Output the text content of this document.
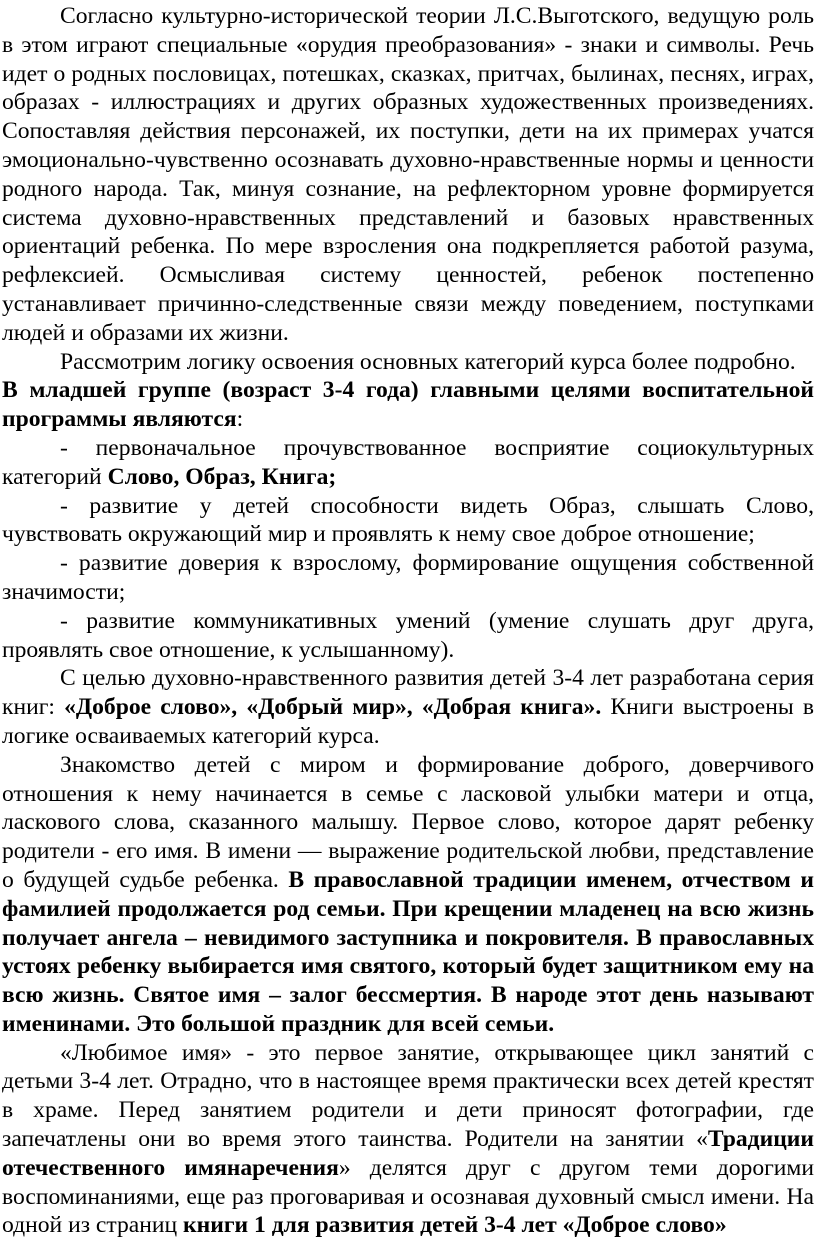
Согласно культурно-исторической теории Л.С.Выготского, ведущую роль в этом играют специальные «орудия преобразования» - знаки и символы. Речь идет о родных пословицах, потешках, сказках, притчах, былинах, песнях, играх, образах - иллюстрациях и других образных художественных произведениях. Сопоставляя действия персонажей, их поступки, дети на их примерах учатся эмоционально-чувственно осознавать духовно-нравственные нормы и ценности родного народа. Так, минуя сознание, на рефлекторном уровне формируется система духовно-нравственных представлений и базовых нравственных ориентаций ребенка. По мере взросления она подкрепляется работой разума, рефлексией. Осмысливая систему ценностей, ребенок постепенно устанавливает причинно-следственные связи между поведением, поступками людей и образами их жизни.

Рассмотрим логику освоения основных категорий курса более подробно.

В младшей группе (возраст 3-4 года) главными целями воспитательной программы являются:

- первоначальное прочувствованное восприятие социокультурных категорий Слово, Образ, Книга;

- развитие у детей способности видеть Образ, слышать Слово, чувствовать окружающий мир и проявлять к нему свое доброе отношение;

- развитие доверия к взрослому, формирование ощущения собственной значимости;

- развитие коммуникативных умений (умение слушать друг друга, проявлять свое отношение, к услышанному).

С целью духовно-нравственного развития детей 3-4 лет разработана серия книг: «Доброе слово», «Добрый мир», «Добрая книга». Книги выстроены в логике осваиваемых категорий курса.

Знакомство детей с миром и формирование доброго, доверчивого отношения к нему начинается в семье с ласковой улыбки матери и отца, ласкового слова, сказанного малышу. Первое слово, которое дарят ребенку родители - его имя. В имени — выражение родительской любви, представление о будущей судьбе ребенка. В православной традиции именем, отчеством и фамилией продолжается род семьи. При крещении младенец на всю жизнь получает ангела – невидимого заступника и покровителя. В православных устоях ребенку выбирается имя святого, который будет защитником ему на всю жизнь. Святое имя – залог бессмертия. В народе этот день называют именинами. Это большой праздник для всей семьи.

«Любимое имя» - это первое занятие, открывающее цикл занятий с детьми 3-4 лет. Отрадно, что в настоящее время практически всех детей крестят в храме. Перед занятием родители и дети приносят фотографии, где запечатлены они во время этого таинства. Родители на занятии «Традиции отечественного имянаречения» делятся друг с другом теми дорогими воспоминаниями, еще раз проговаривая и осознавая духовный смысл имени. На одной из страниц книги 1 для развития детей 3-4 лет «Доброе слово»
